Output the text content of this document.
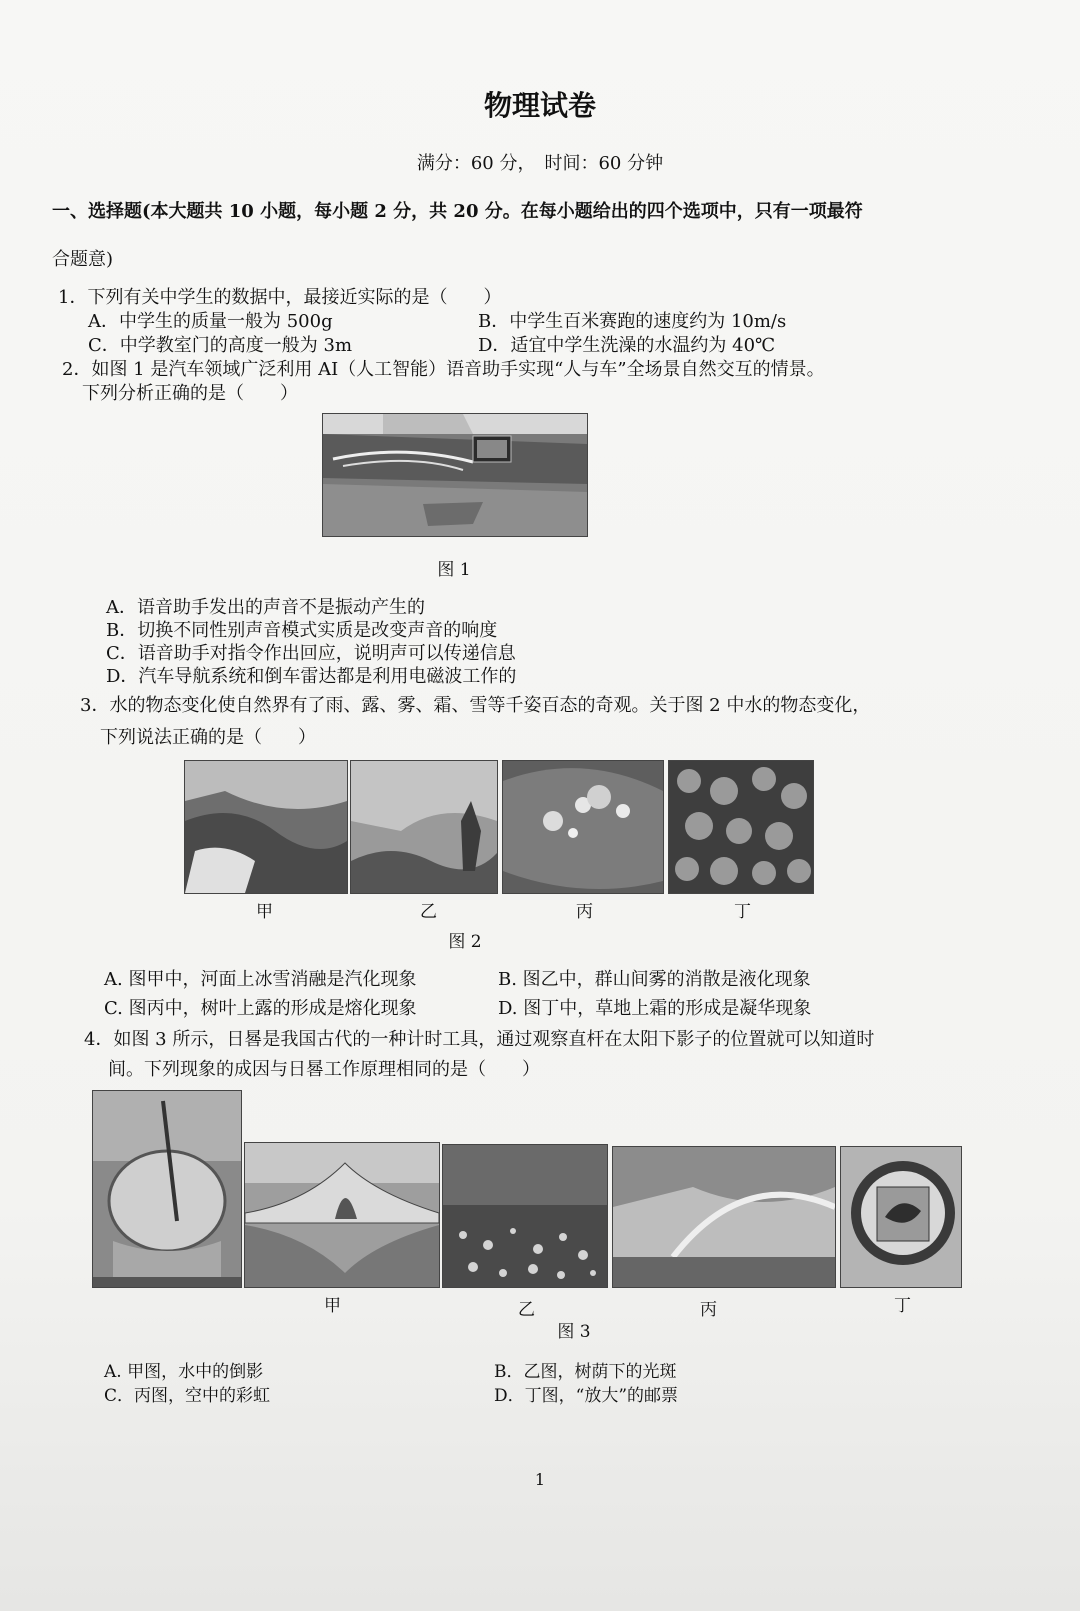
物理试卷
满分：60 分，　时间：60 分钟
一、选择题(本大题共 10 小题，每小题 2 分，共 20 分。在每小题给出的四个选项中，只有一项最符
合题意)
1．下列有关中学生的数据中，最接近实际的是（　　）
A．中学生的质量一般为 500g	B．中学生百米赛跑的速度约为 10m/s
C．中学教室门的高度一般为 3m	D．适宜中学生洗澡的水温约为 40℃
2．如图 1 是汽车领域广泛利用 AI（人工智能）语音助手实现“人与车”全场景自然交互的情景。
下列分析正确的是（　　）
图 1
A．语音助手发出的声音不是振动产生的
B．切换不同性别声音模式实质是改变声音的响度
C．语音助手对指令作出回应，说明声可以传递信息
D．汽车导航系统和倒车雷达都是利用电磁波工作的
3．水的物态变化使自然界有了雨、露、雾、霜、雪等千姿百态的奇观。关于图 2 中水的物态变化，
下列说法正确的是（　　）
甲	乙	丙	丁
图 2
A. 图甲中，河面上冰雪消融是汽化现象	B. 图乙中，群山间雾的消散是液化现象
C. 图丙中，树叶上露的形成是熔化现象	D. 图丁中，草地上霜的形成是凝华现象
4．如图 3 所示，日晷是我国古代的一种计时工具，通过观察直杆在太阳下影子的位置就可以知道时
间。下列现象的成因与日晷工作原理相同的是（　　）
甲	乙	丙	丁
图 3
A. 甲图，水中的倒影	B．乙图，树荫下的光斑
C．丙图，空中的彩虹	D．丁图，“放大”的邮票
1
